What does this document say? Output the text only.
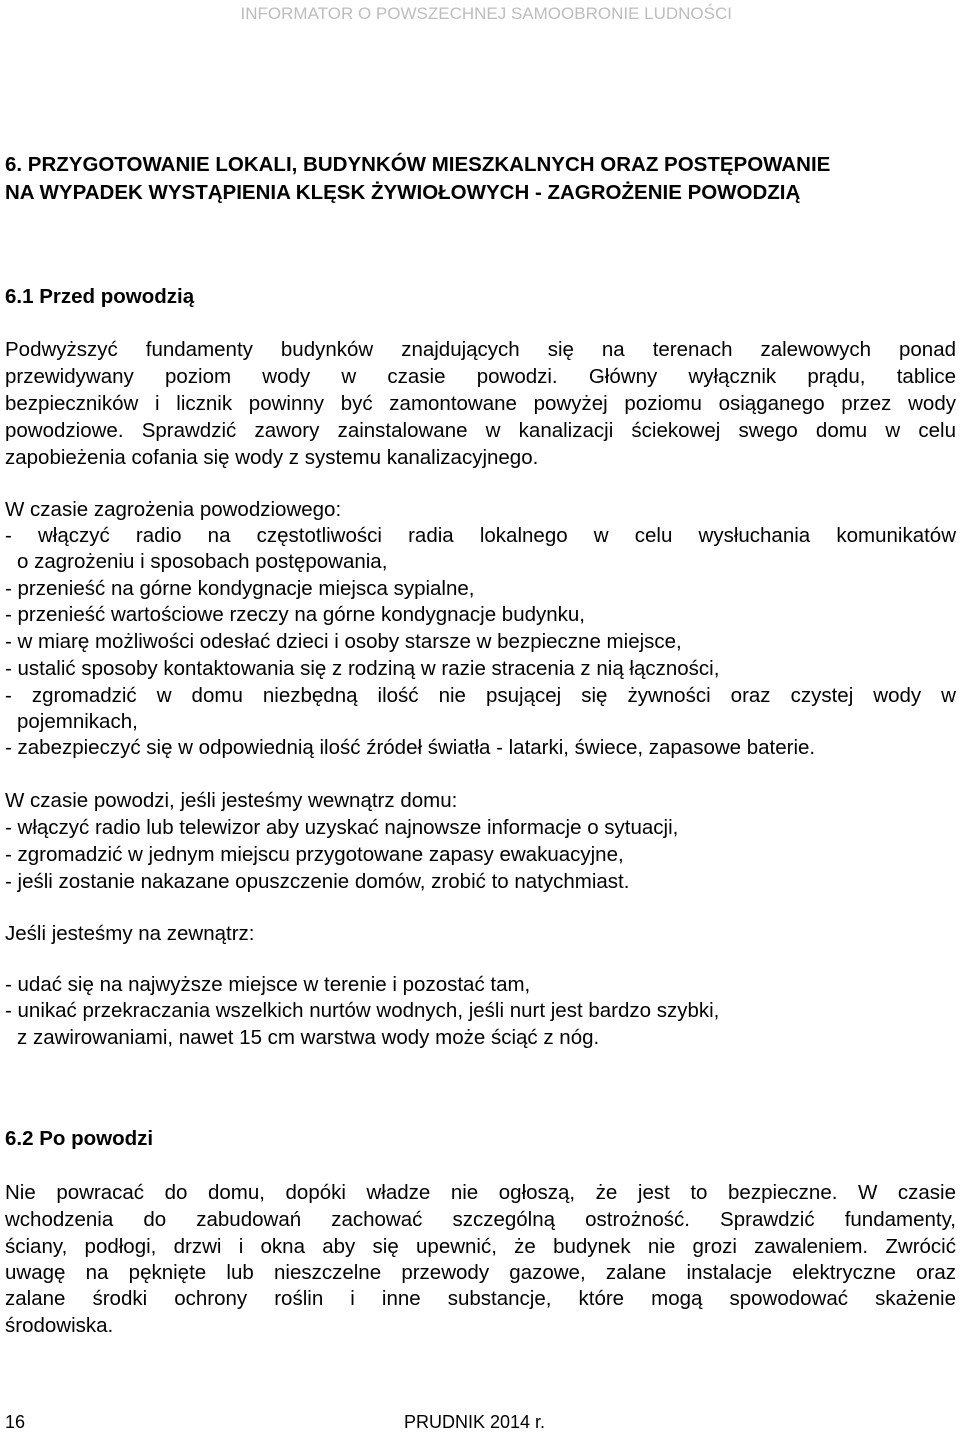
INFORMATOR O POWSZECHNEJ SAMOOBRONIE LUDNOŚCI
6. PRZYGOTOWANIE LOKALI, BUDYNKÓW MIESZKALNYCH ORAZ POSTĘPOWANIE
NA WYPADEK WYSTĄPIENIA KLĘSK ŻYWIOŁOWYCH - ZAGROŻENIE POWODZIĄ
6.1 Przed powodzią
Podwyższyć fundamenty budynków znajdujących się na terenach zalewowych ponad
przewidywany poziom wody w czasie powodzi. Główny wyłącznik prądu, tablice
bezpieczników i licznik powinny być zamontowane powyżej poziomu osiąganego przez wody
powodziowe. Sprawdzić zawory zainstalowane w kanalizacji ściekowej swego domu w celu
zapobieżenia cofania się wody z systemu kanalizacyjnego.
W czasie zagrożenia powodziowego:
- włączyć radio na częstotliwości radia lokalnego w celu wysłuchania komunikatów
o zagrożeniu i sposobach postępowania,
- przenieść na górne kondygnacje miejsca sypialne,
- przenieść wartościowe rzeczy na górne kondygnacje budynku,
- w miarę możliwości odesłać dzieci i osoby starsze w bezpieczne miejsce,
- ustalić sposoby kontaktowania się z rodziną w razie stracenia z nią łączności,
- zgromadzić w domu niezbędną ilość nie psującej się żywności oraz czystej wody w
pojemnikach,
- zabezpieczyć się w odpowiednią ilość źródeł światła - latarki, świece, zapasowe baterie.
W czasie powodzi, jeśli jesteśmy wewnątrz domu:
- włączyć radio lub telewizor aby uzyskać najnowsze informacje o sytuacji,
- zgromadzić w jednym miejscu przygotowane zapasy ewakuacyjne,
- jeśli zostanie nakazane opuszczenie domów, zrobić to natychmiast.
Jeśli jesteśmy na zewnątrz:
- udać się na najwyższe miejsce w terenie i pozostać tam,
- unikać przekraczania wszelkich nurtów wodnych, jeśli nurt jest bardzo szybki,
z zawirowaniami, nawet 15 cm warstwa wody może ściąć z nóg.
6.2 Po powodzi
Nie powracać do domu, dopóki władze nie ogłoszą, że jest to bezpieczne. W czasie
wchodzenia do zabudowań zachować szczególną ostrożność. Sprawdzić fundamenty,
ściany, podłogi, drzwi i okna aby się upewnić, że budynek nie grozi zawaleniem. Zwrócić
uwagę na pęknięte lub nieszczelne przewody gazowe, zalane instalacje elektryczne oraz
zalane środki ochrony roślin i inne substancje, które mogą spowodować skażenie
środowiska.
16	PRUDNIK 2014 r.
